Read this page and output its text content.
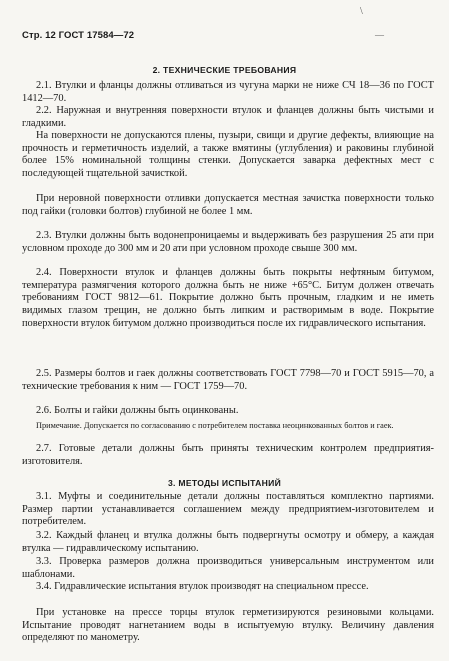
\
—
Стр. 12 ГОСТ 17584—72
2. ТЕХНИЧЕСКИЕ ТРЕБОВАНИЯ

2.1. Втулки и фланцы должны отливаться из чугуна марки не ниже СЧ 18—36 по ГОСТ 1412—70.

2.2. Наружная и внутренняя поверхности втулок и фланцев должны быть чистыми и гладкими.

На поверхности не допускаются плены, пузыри, свищи и другие дефекты, влияющие на прочность и герметичность изделий, а также вмятины (углубления) и раковины глубиной более 15% номинальной толщины стенки. Допускается заварка дефектных мест с последующей тщательной зачисткой.

При неровной поверхности отливки допускается местная зачистка поверхности только под гайки (головки болтов) глубиной не более 1 мм.

2.3. Втулки должны быть водонепроницаемы и выдерживать без разрушения 25 ати при условном проходе до 300 мм и 20 ати при условном проходе свыше 300 мм.

2.4. Поверхности втулок и фланцев должны быть покрыты нефтяным битумом, температура размягчения которого должна быть не ниже +65°С. Битум должен отвечать требованиям ГОСТ 9812—61. Покрытие должно быть прочным, гладким и не иметь видимых глазом трещин, не должно быть липким и растворимым в воде. Покрытие поверхности втулок битумом должно производиться после их гидравлического испытания.

2.5. Размеры болтов и гаек должны соответствовать ГОСТ 7798—70 и ГОСТ 5915—70, а технические требования к ним — ГОСТ 1759—70.

2.6. Болты и гайки должны быть оцинкованы.

Примечание. Допускается по согласованию с потребителем поставка неоцинкованных болтов и гаек.

2.7. Готовые детали должны быть приняты техническим контролем предприятия-изготовителя.

3. МЕТОДЫ ИСПЫТАНИЙ

3.1. Муфты и соединительные детали должны поставляться комплектно партиями. Размер партии устанавливается соглашением между предприятием-изготовителем и потребителем.

3.2. Каждый фланец и втулка должны быть подвергнуты осмотру и обмеру, а каждая втулка — гидравлическому испытанию.

3.3. Проверка размеров должна производиться универсальным инструментом или шаблонами.

3.4. Гидравлические испытания втулок производят на специальном прессе.

При установке на прессе торцы втулок герметизируются резиновыми кольцами. Испытание проводят нагнетанием воды в испытуемую втулку. Величину давления определяют по манометру.
